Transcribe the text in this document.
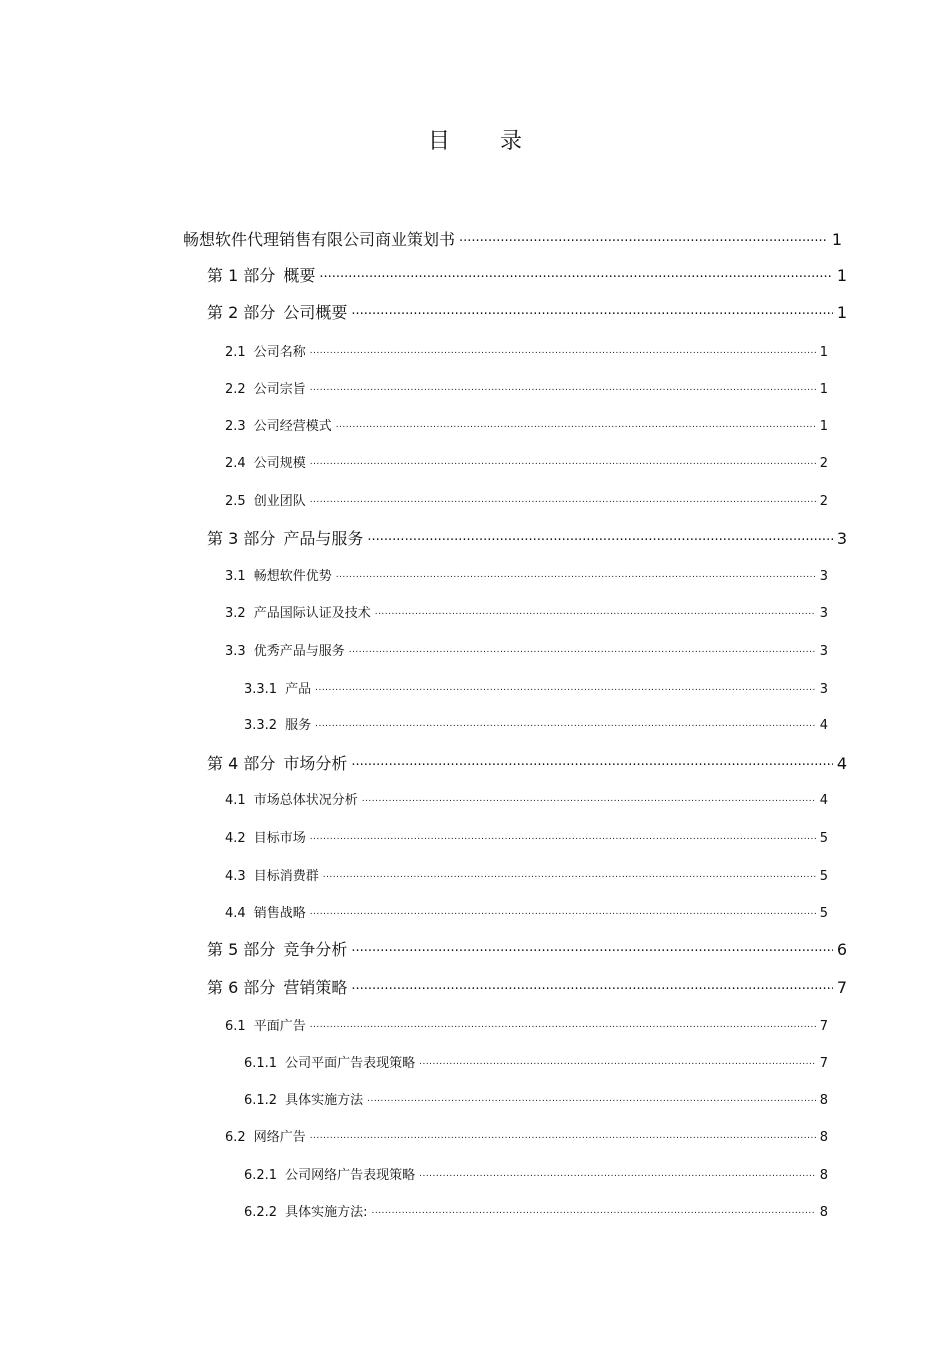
目 录
畅想软件代理销售有限公司商业策划书 .....	1
第 1 部分 概要 .....	1
第 2 部分 公司概要 .....	1
2.1 公司名称 .....	1
2.2 公司宗旨 .....	1
2.3 公司经营模式 .....	1
2.4 公司规模 .....	2
2.5 创业团队 .....	2
第 3 部分 产品与服务 .....	3
3.1 畅想软件优势 .....	3
3.2 产品国际认证及技术 .....	3
3.3 优秀产品与服务 .....	3
3.3.1 产品 .....	3
3.3.2 服务 .....	4
第 4 部分 市场分析 .....	4
4.1 市场总体状况分析 .....	4
4.2 目标市场 .....	5
4.3 目标消费群 .....	5
4.4 销售战略 .....	5
第 5 部分 竞争分析 .....	6
第 6 部分 营销策略 .....	7
6.1 平面广告 .....	7
6.1.1 公司平面广告表现策略 .....	7
6.1.2 具体实施方法 .....	8
6.2 网络广告 .....	8
6.2.1 公司网络广告表现策略 .....	8
6.2.2 具体实施方法: .....	8
